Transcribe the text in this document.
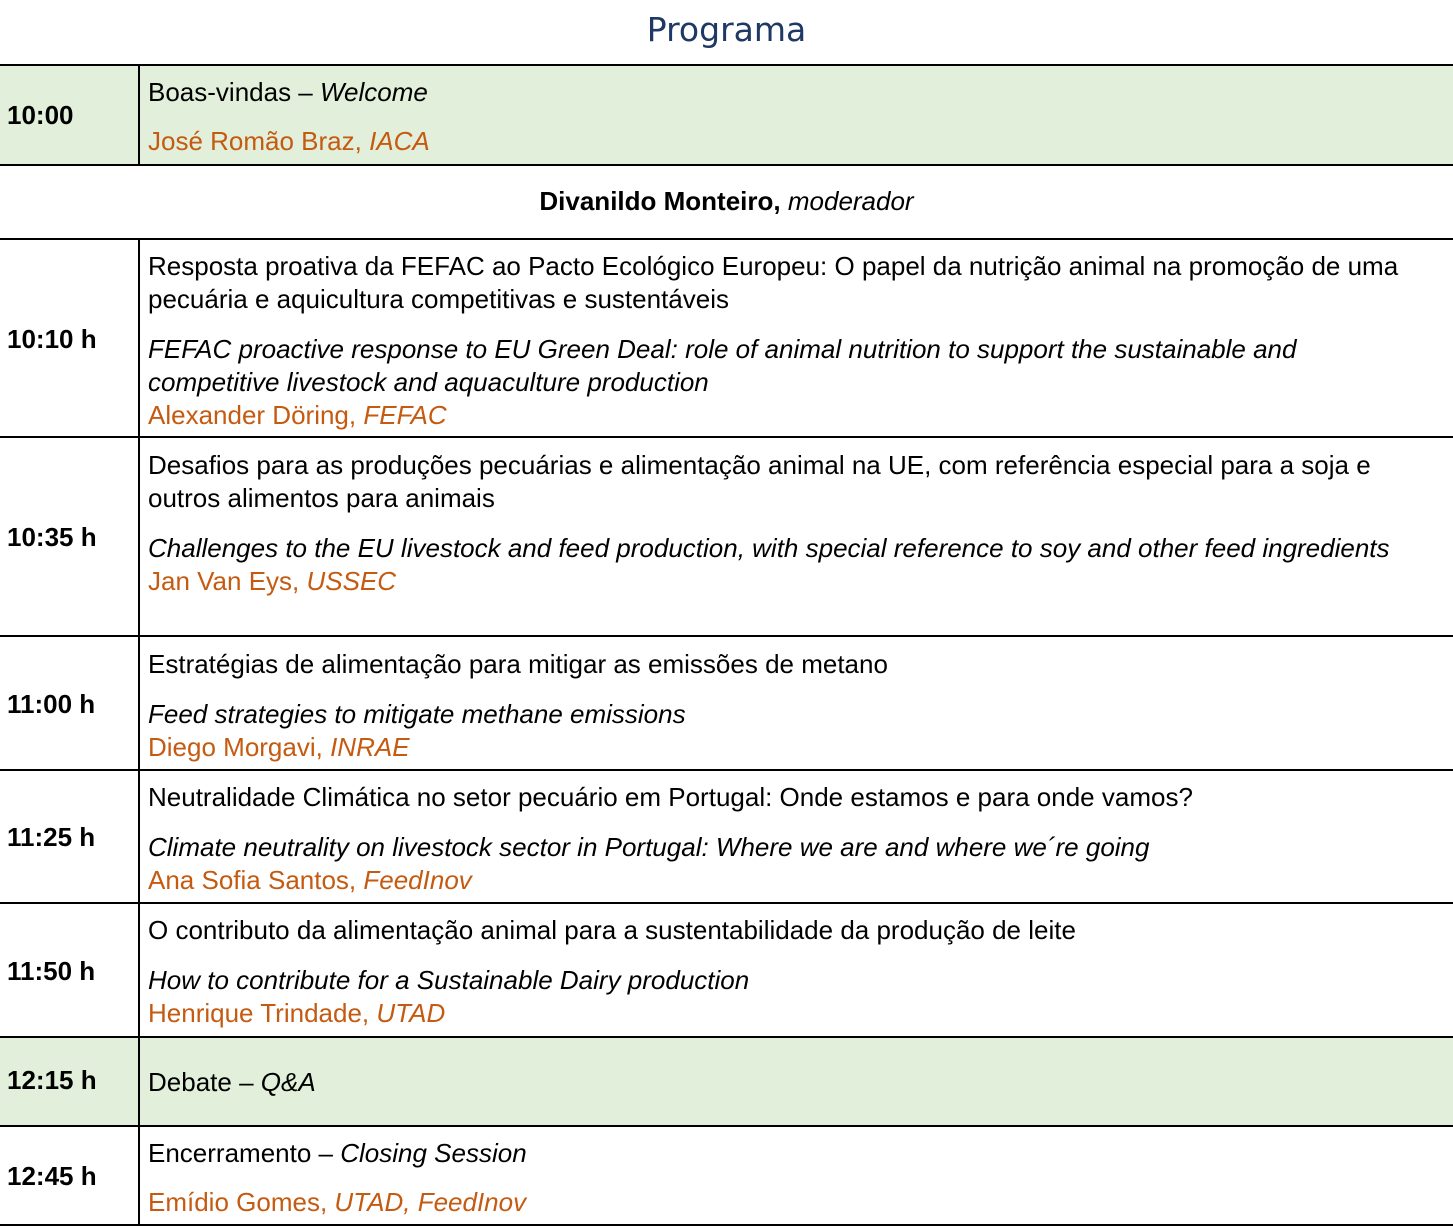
Programa
10:00
Boas-vindas – Welcome
José Romão Braz, IACA
Divanildo Monteiro, moderador
10:10 h
Resposta proativa da FEFAC ao Pacto Ecológico Europeu: O papel da nutrição animal na promoção de uma pecuária e aquicultura competitivas e sustentáveis
FEFAC proactive response to EU Green Deal: role of animal nutrition to support the sustainable and competitive livestock and aquaculture production
Alexander Döring, FEFAC
10:35 h
Desafios para as produções pecuárias e alimentação animal na UE, com referência especial para a soja e outros alimentos para animais
Challenges to the EU livestock and feed production, with special reference to soy and other feed ingredients
Jan Van Eys, USSEC
11:00 h
Estratégias de alimentação para mitigar as emissões de metano
Feed strategies to mitigate methane emissions
Diego Morgavi, INRAE
11:25 h
Neutralidade Climática no setor pecuário em Portugal: Onde estamos e para onde vamos?
Climate neutrality on livestock sector in Portugal: Where we are and where we´re going
Ana Sofia Santos, FeedInov
11:50 h
O contributo da alimentação animal para a sustentabilidade da produção de leite
How to contribute for a Sustainable Dairy production
Henrique Trindade, UTAD
12:15 h	Debate – Q&A
12:45 h
Encerramento – Closing Session
Emídio Gomes, UTAD, FeedInov
